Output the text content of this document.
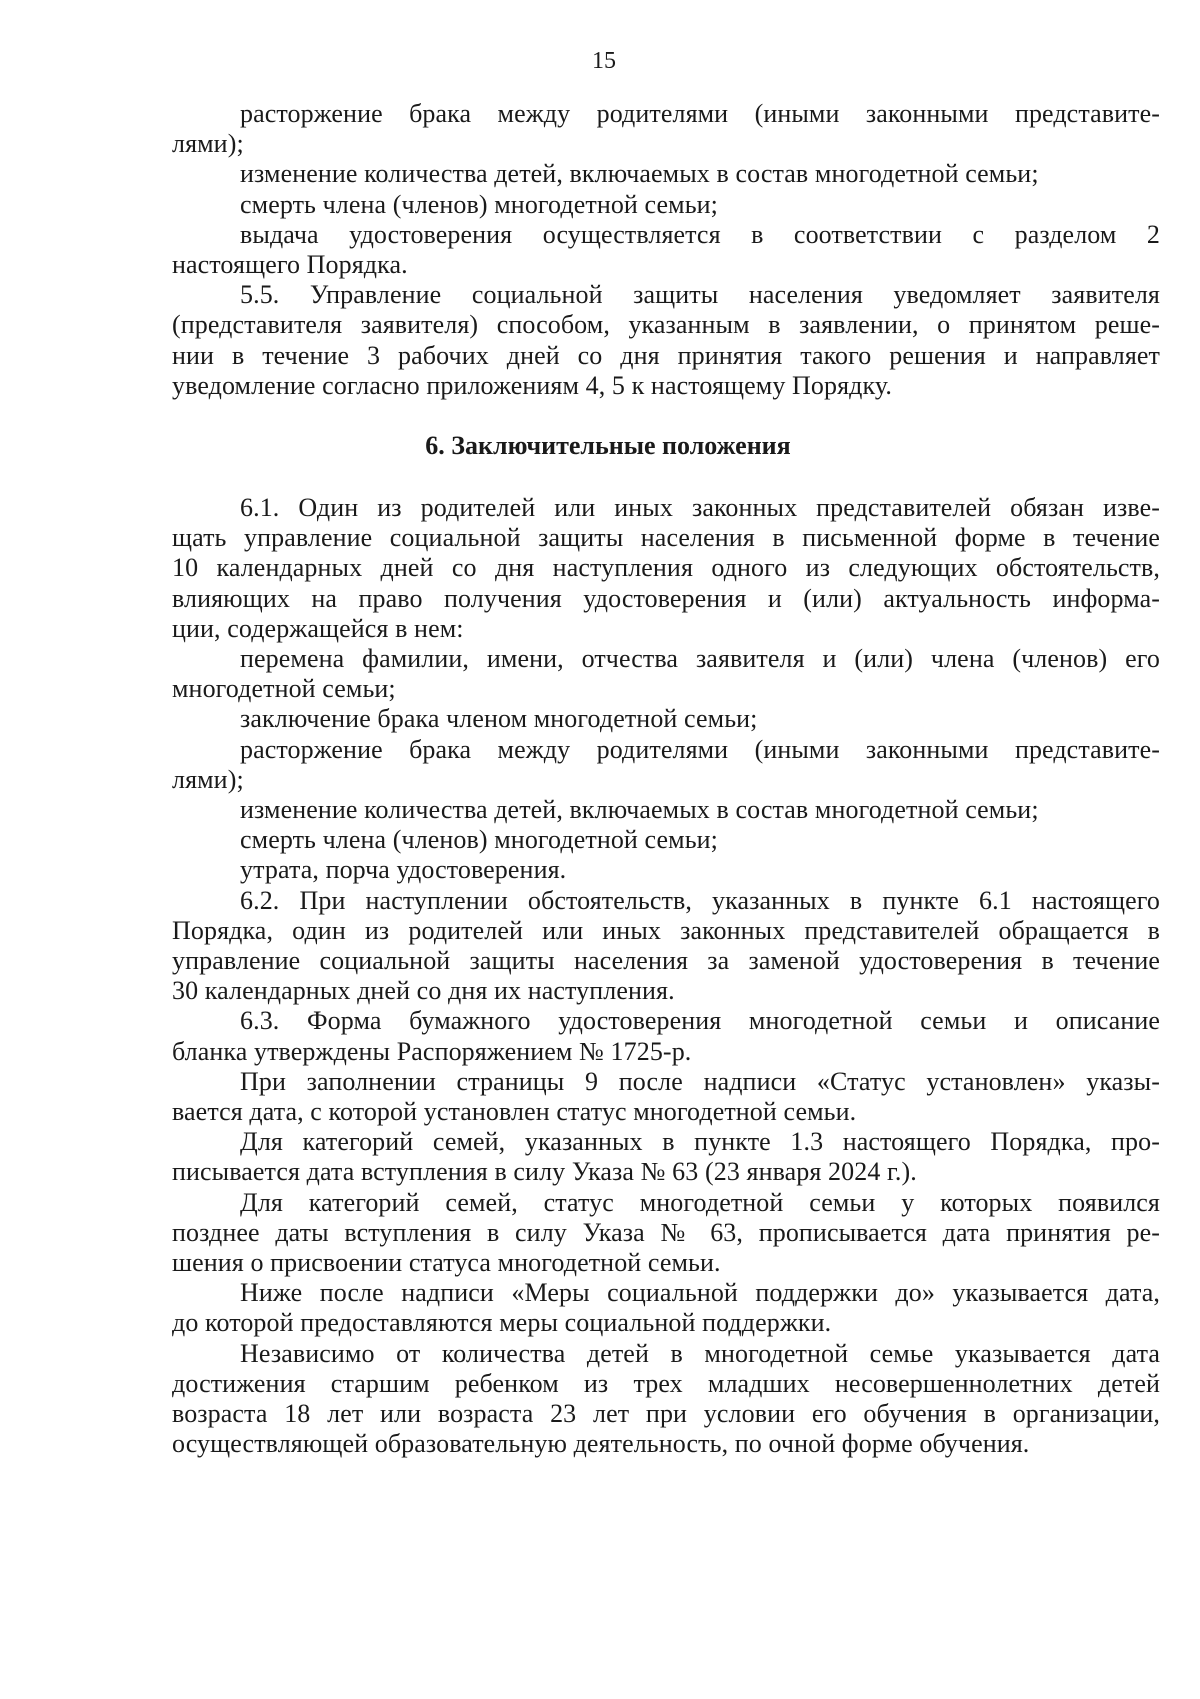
15
расторжение брака между родителями (иными законными представите-
лями);
изменение количества детей, включаемых в состав многодетной семьи;
смерть члена (членов) многодетной семьи;
выдача удостоверения осуществляется в соответствии с разделом 2
настоящего Порядка.
5.5. Управление социальной защиты населения уведомляет заявителя
(представителя заявителя) способом, указанным в заявлении, о принятом реше-
нии в течение 3 рабочих дней со дня принятия такого решения и направляет
уведомление согласно приложениям 4, 5 к настоящему Порядку.
6. Заключительные положения
6.1. Один из родителей или иных законных представителей обязан изве-
щать управление социальной защиты населения в письменной форме в течение
10 календарных дней со дня наступления одного из следующих обстоятельств,
влияющих на право получения удостоверения и (или) актуальность информа-
ции, содержащейся в нем:
перемена фамилии, имени, отчества заявителя и (или) члена (членов) его
многодетной семьи;
заключение брака членом многодетной семьи;
расторжение брака между родителями (иными законными представите-
лями);
изменение количества детей, включаемых в состав многодетной семьи;
смерть члена (членов) многодетной семьи;
утрата, порча удостоверения.
6.2. При наступлении обстоятельств, указанных в пункте 6.1 настоящего
Порядка, один из родителей или иных законных представителей обращается в
управление социальной защиты населения за заменой удостоверения в течение
30 календарных дней со дня их наступления.
6.3. Форма бумажного удостоверения многодетной семьи и описание
бланка утверждены Распоряжением № 1725-р.
При заполнении страницы 9 после надписи «Статус установлен» указы-
вается дата, с которой установлен статус многодетной семьи.
Для категорий семей, указанных в пункте 1.3 настоящего Порядка, про-
писывается дата вступления в силу Указа № 63 (23 января 2024 г.).
Для категорий семей, статус многодетной семьи у которых появился
позднее даты вступления в силу Указа № 63, прописывается дата принятия ре-
шения о присвоении статуса многодетной семьи.
Ниже после надписи «Меры социальной поддержки до» указывается дата,
до которой предоставляются меры социальной поддержки.
Независимо от количества детей в многодетной семье указывается дата
достижения старшим ребенком из трех младших несовершеннолетних детей
возраста 18 лет или возраста 23 лет при условии его обучения в организации,
осуществляющей образовательную деятельность, по очной форме обучения.
